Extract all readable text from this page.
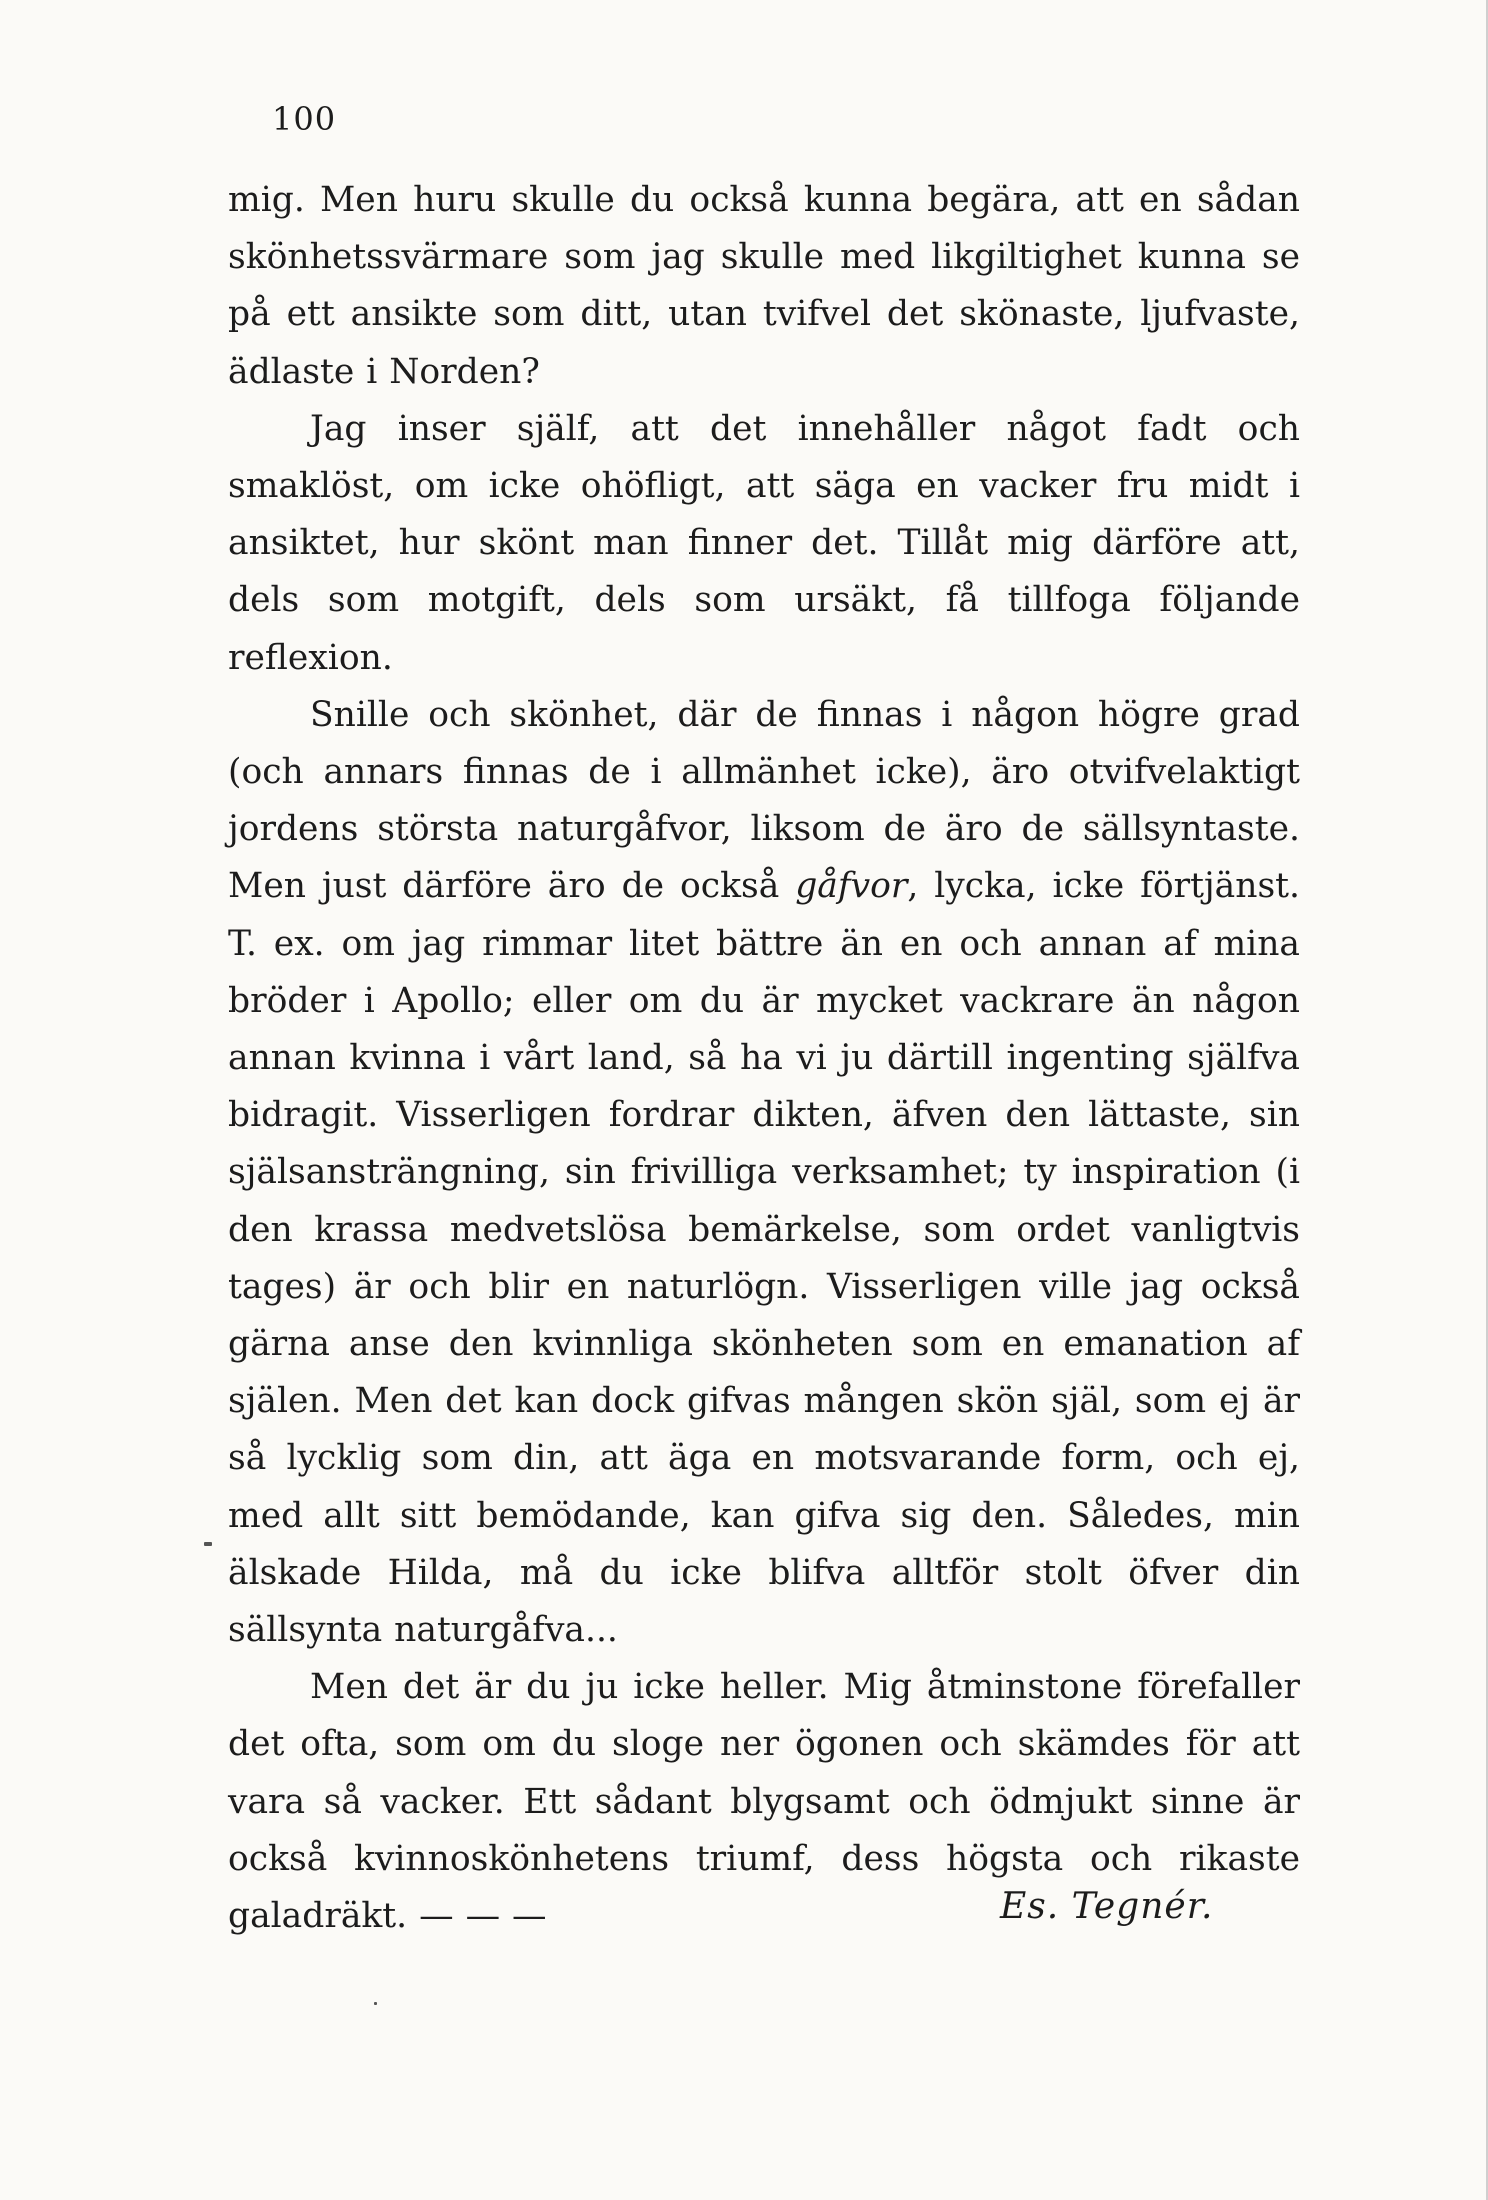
100

mig. Men huru skulle du också kunna begära, att en sådan skönhetssvärmare som jag skulle med likgiltighet kunna se på ett ansikte som ditt, utan tvifvel det skönaste, ljufvaste, ädlaste i Norden?

Jag inser själf, att det innehåller något fadt och smaklöst, om icke ohöfligt, att säga en vacker fru midt i ansiktet, hur skönt man finner det. Tillåt mig därföre att, dels som motgift, dels som ursäkt, få tillfoga följande reflexion.

Snille och skönhet, där de finnas i någon högre grad (och annars finnas de i allmänhet icke), äro otvifvelaktigt jordens största naturgåfvor, liksom de äro de sällsyntaste. Men just därföre äro de också gåfvor, lycka, icke förtjänst. T. ex. om jag rimmar litet bättre än en och annan af mina bröder i Apollo; eller om du är mycket vackrare än någon annan kvinna i vårt land, så ha vi ju därtill ingenting själfva bidragit. Visserligen fordrar dikten, äfven den lättaste, sin själsansträngning, sin frivilliga verksamhet; ty inspiration (i den krassa medvetslösa bemärkelse, som ordet vanligtvis tages) är och blir en naturlögn. Visserligen ville jag också gärna anse den kvinnliga skönheten som en emanation af själen. Men det kan dock gifvas mången skön själ, som ej är så lycklig som din, att äga en motsvarande form, och ej, med allt sitt bemödande, kan gifva sig den. Således, min älskade Hilda, må du icke blifva alltför stolt öfver din sällsynta naturgåfva...

Men det är du ju icke heller. Mig åtminstone förefaller det ofta, som om du sloge ner ögonen och skämdes för att vara så vacker. Ett sådant blygsamt och ödmjukt sinne är också kvinnoskönhetens triumf, dess högsta och rikaste galadräkt. — — —	Es. Tegnér.
